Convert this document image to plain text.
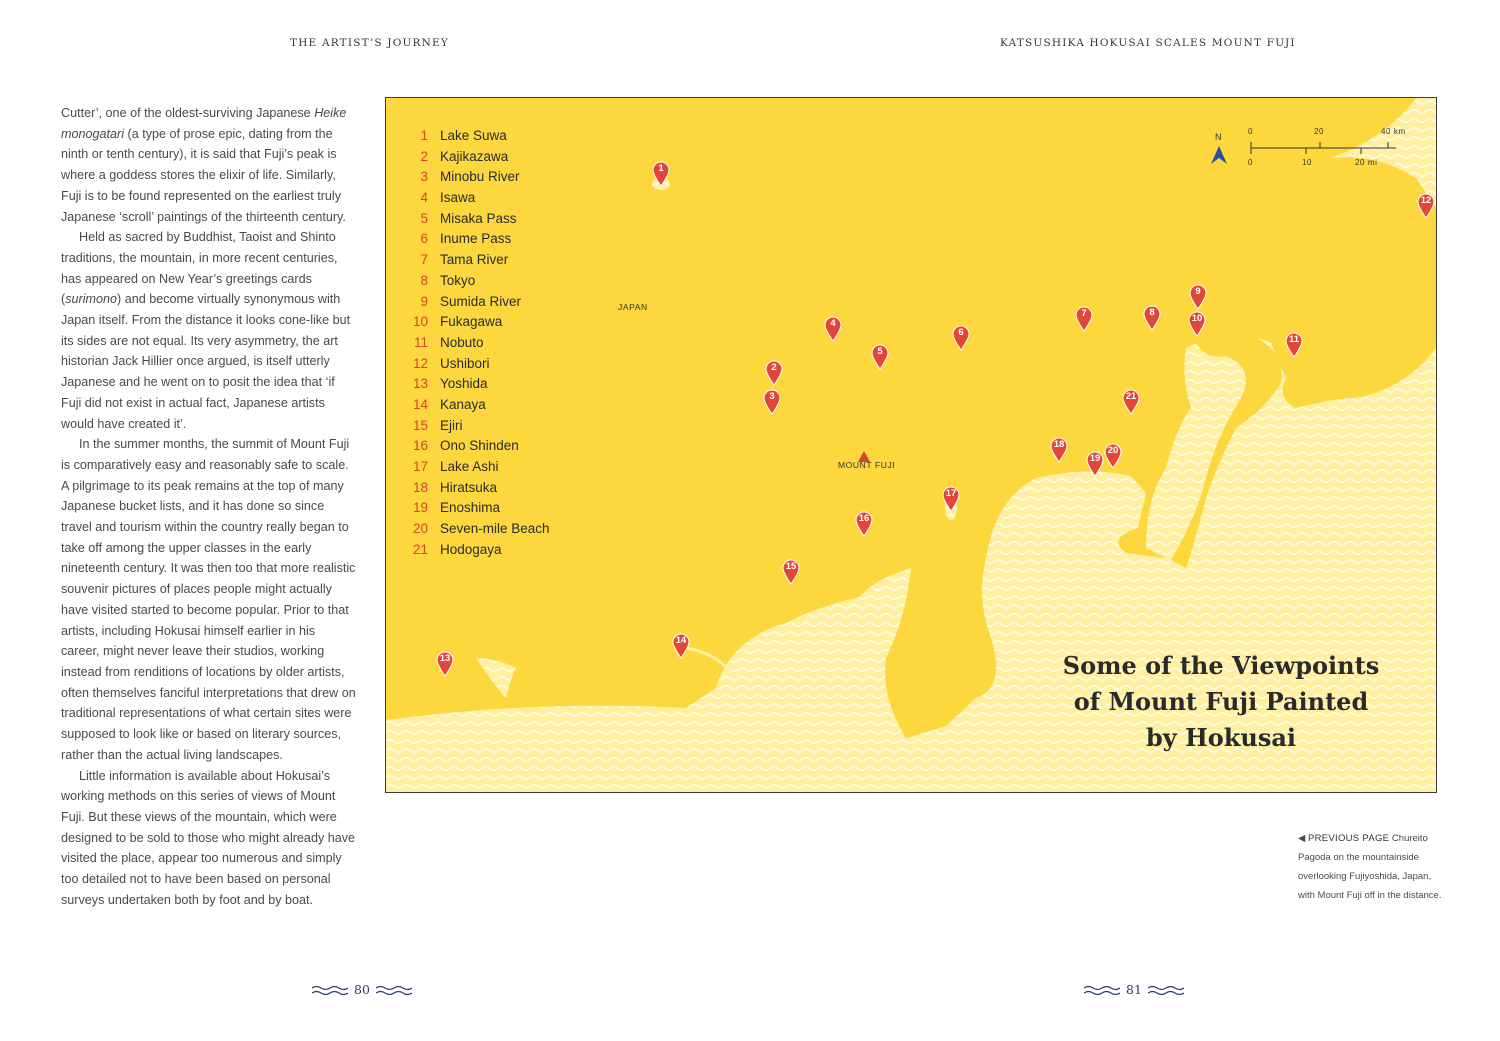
THE ARTIST’S JOURNEY	KATSUSHIKA HOKUSAI SCALES MOUNT FUJI

Cutter’, one of the oldest-surviving Japanese Heike monogatari (a type of prose epic, dating from the ninth or tenth century), it is said that Fuji’s peak is where a goddess stores the elixir of life. Similarly, Fuji is to be found represented on the earliest truly Japanese ‘scroll’ paintings of the thirteenth century.

Held as sacred by Buddhist, Taoist and Shinto traditions, the mountain, in more recent centuries, has appeared on New Year’s greetings cards (surimono) and become virtually synonymous with Japan itself. From the distance it looks cone-like but its sides are not equal. Its very asymmetry, the art historian Jack Hillier once argued, is itself utterly Japanese and he went on to posit the idea that ‘if Fuji did not exist in actual fact, Japanese artists would have created it’.

In the summer months, the summit of Mount Fuji is comparatively easy and reasonably safe to scale. A pilgrimage to its peak remains at the top of many Japanese bucket lists, and it has done so since travel and tourism within the country really began to take off among the upper classes in the early nineteenth century. It was then too that more realistic souvenir pictures of places people might actually have visited started to become popular. Prior to that artists, including Hokusai himself earlier in his career, might never leave their studios, working instead from renditions of locations by older artists, often themselves fanciful interpretations that drew on traditional representations of what certain sites were supposed to look like or based on literary sources, rather than the actual living landscapes.

Little information is available about Hokusai’s working methods on this series of views of Mount Fuji. But these views of the mountain, which were designed to be sold to those who might already have visited the place, appear too numerous and simply too detailed not to have been based on personal surveys undertaken both by foot and by boat.

1 Lake Suwa
2 Kajikazawa
3 Minobu River
4 Isawa
5 Misaka Pass
6 Inume Pass
7 Tama River
8 Tokyo
9 Sumida River
10 Fukagawa
11 Nobuto
12 Ushibori
13 Yoshida
14 Kanaya
15 Ejiri
16 Ono Shinden
17 Lake Ashi
18 Hiratsuka
19 Enoshima
20 Seven-mile Beach
21 Hodogaya
JAPAN
MOUNT FUJI
N
0	20	40 km
0	10	20 mi
1
2
3
4
5
6
7	8
9
10
11
12
13
14
15
16
17
18
19
20
21
Some of the Viewpoints
of Mount Fuji Painted
by Hokusai
◀ PREVIOUS PAGE Chureito Pagoda on the mountainside overlooking Fujiyoshida, Japan, with Mount Fuji off in the distance.
80	81
